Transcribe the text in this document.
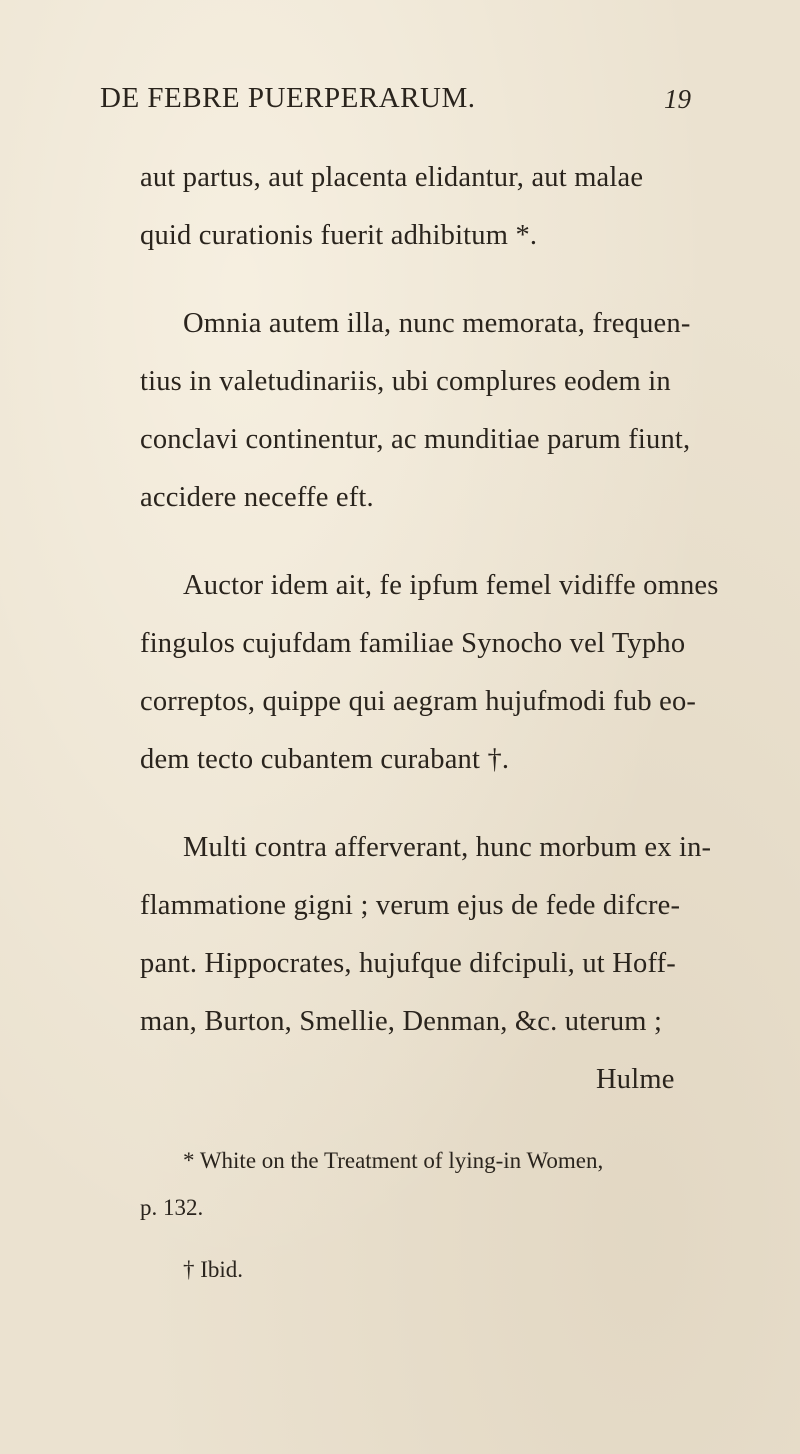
DE FEBRE PUERPERARUM.	19
aut partus, aut placenta elidantur, aut malae
quid curationis fuerit adhibitum *.
Omnia autem illa, nunc memorata, frequen-
tius in valetudinariis, ubi complures eodem in
conclavi continentur, ac munditiae parum fiunt,
accidere neceffe eft.
Auctor idem ait, fe ipfum femel vidiffe omnes
fingulos cujufdam familiae Synocho vel Typho
correptos, quippe qui aegram hujufmodi fub eo-
dem tecto cubantem curabant †.
Multi contra afferverant, hunc morbum ex in-
flammatione gigni ; verum ejus de fede difcre-
pant. Hippocrates, hujufque difcipuli, ut Hoff-
man, Burton, Smellie, Denman, &c. uterum ;
Hulme
* White on the Treatment of lying-in Women,
p. 132.
† Ibid.
